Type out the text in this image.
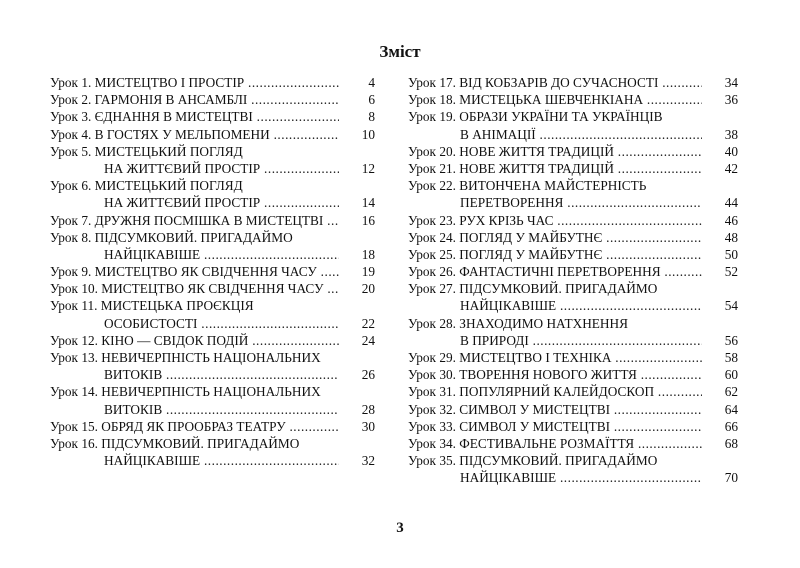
Зміст
Урок 1. МИСТЕЦТВО І ПРОСТІР .....	4
Урок 2. ГАРМОНІЯ В АНСАМБЛІ .....	6
Урок 3. ЄДНАННЯ В МИСТЕЦТВІ .....	8
Урок 4. В ГОСТЯХ У МЕЛЬПОМЕНИ .....	10
Урок 5. МИСТЕЦЬКИЙ ПОГЛЯД
НА ЖИТТЄВИЙ ПРОСТІР .....	12
Урок 6. МИСТЕЦЬКИЙ ПОГЛЯД
НА ЖИТТЄВИЙ ПРОСТІР .....	14
Урок 7. ДРУЖНЯ ПОСМІШКА В МИСТЕЦТВІ .....	16
Урок 8. ПІДСУМКОВИЙ. ПРИГАДАЙМО
НАЙЦІКАВІШЕ .....	18
Урок 9. МИСТЕЦТВО ЯК СВІДЧЕННЯ ЧАСУ .....	19
Урок 10. МИСТЕЦТВО ЯК СВІДЧЕННЯ ЧАСУ .....	20
Урок 11. МИСТЕЦЬКА ПРОЄКЦІЯ
ОСОБИСТОСТІ .....	22
Урок 12. КІНО — СВІДОК ПОДІЙ .....	24
Урок 13. НЕВИЧЕРПНІСТЬ НАЦІОНАЛЬНИХ
ВИТОКІВ .....	26
Урок 14. НЕВИЧЕРПНІСТЬ НАЦІОНАЛЬНИХ
ВИТОКІВ .....	28
Урок 15. ОБРЯД ЯК ПРООБРАЗ ТЕАТРУ .....	30
Урок 16. ПІДСУМКОВИЙ. ПРИГАДАЙМО
НАЙЦІКАВІШЕ .....	32
Урок 17. ВІД КОБЗАРІВ ДО СУЧАСНОСТІ .....	34
Урок 18. МИСТЕЦЬКА ШЕВЧЕНКІАНА .....	36
Урок 19. ОБРАЗИ УКРАЇНИ ТА УКРАЇНЦІВ
В АНІМАЦІЇ .....	38
Урок 20. НОВЕ ЖИТТЯ ТРАДИЦІЙ .....	40
Урок 21. НОВЕ ЖИТТЯ ТРАДИЦІЙ .....	42
Урок 22. ВИТОНЧЕНА МАЙСТЕРНІСТЬ
ПЕРЕТВОРЕННЯ .....	44
Урок 23. РУХ КРІЗЬ ЧАС .....	46
Урок 24. ПОГЛЯД У МАЙБУТНЄ .....	48
Урок 25. ПОГЛЯД У МАЙБУТНЄ .....	50
Урок 26. ФАНТАСТИЧНІ ПЕРЕТВОРЕННЯ .....	52
Урок 27. ПІДСУМКОВИЙ. ПРИГАДАЙМО
НАЙЦІКАВІШЕ .....	54
Урок 28. ЗНАХОДИМО НАТХНЕННЯ
В ПРИРОДІ .....	56
Урок 29. МИСТЕЦТВО І ТЕХНІКА .....	58
Урок 30. ТВОРЕННЯ НОВОГО ЖИТТЯ .....	60
Урок 31. ПОПУЛЯРНИЙ КАЛЕЙДОСКОП .....	62
Урок 32. СИМВОЛ У МИСТЕЦТВІ .....	64
Урок 33. СИМВОЛ У МИСТЕЦТВІ .....	66
Урок 34. ФЕСТИВАЛЬНЕ РОЗМАЇТТЯ .....	68
Урок 35. ПІДСУМКОВИЙ. ПРИГАДАЙМО
НАЙЦІКАВІШЕ .....	70
3
